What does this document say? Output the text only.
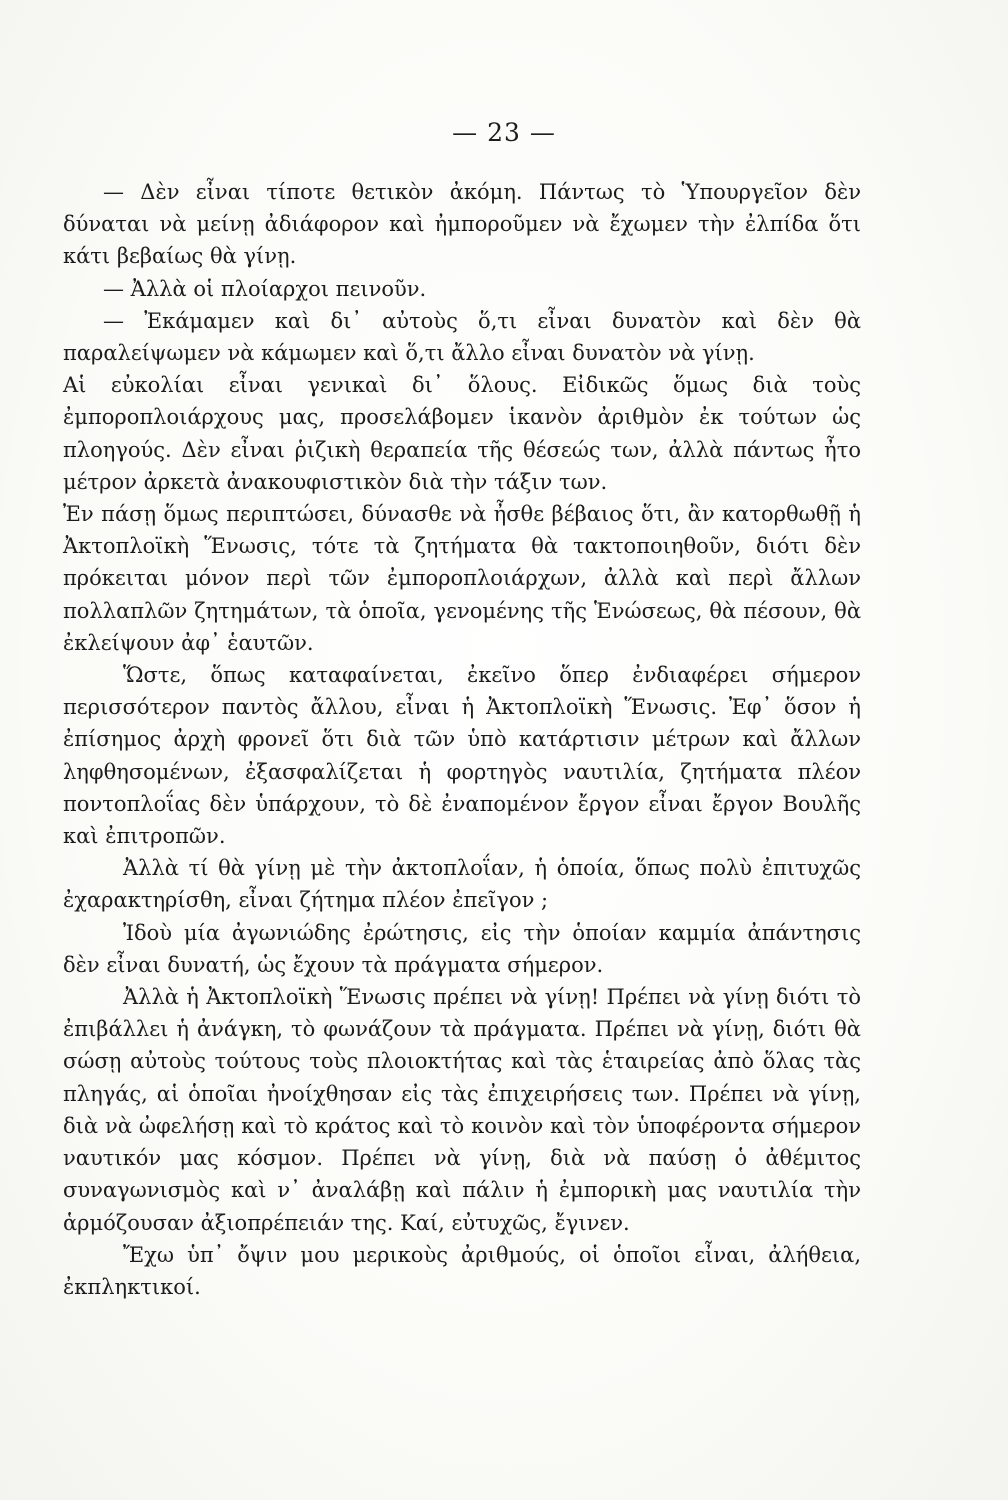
— 23 —

— Δὲν εἶναι τίποτε θετικὸν ἀκόμη. Πάντως τὸ Ὑπουργεῖον δὲν δύναται νὰ μείνῃ ἀδιάφορον καὶ ἠμποροῦμεν νὰ ἔχωμεν τὴν ἐλπίδα ὅτι κάτι βεβαίως θὰ γίνῃ.

— Ἀλλὰ οἱ πλοίαρχοι πεινοῦν.

— Ἐκάμαμεν καὶ δι᾽ αὐτοὺς ὅ,τι εἶναι δυνατὸν καὶ δὲν θὰ παραλείψωμεν νὰ κάμωμεν καὶ ὅ,τι ἄλλο εἶναι δυνατὸν νὰ γίνῃ.

Αἱ εὐκολίαι εἶναι γενικαὶ δι᾽ ὅλους. Εἰδικῶς ὅμως διὰ τοὺς ἐμποροπλοιάρχους μας, προσελάβομεν ἱκανὸν ἀριθμὸν ἐκ τούτων ὡς πλοηγούς. Δὲν εἶναι ῥιζικὴ θεραπεία τῆς θέσεώς των, ἀλλὰ πάντως ἦτο μέτρον ἀρκετὰ ἀνακουφιστικὸν διὰ τὴν τάξιν των.

Ἐν πάσῃ ὅμως περιπτώσει, δύνασθε νὰ ἦσθε βέβαιος ὅτι, ἂν κατορθωθῇ ἡ Ἀκτοπλοϊκὴ Ἕνωσις, τότε τὰ ζητήματα θὰ τακτοποιηθοῦν, διότι δὲν πρόκειται μόνον περὶ τῶν ἐμποροπλοιάρχων, ἀλλὰ καὶ περὶ ἄλλων πολλαπλῶν ζητημάτων, τὰ ὁποῖα, γενομένης τῆς Ἑνώσεως, θὰ πέσουν, θὰ ἐκλείψουν ἀφ᾽ ἑαυτῶν.

Ὥστε, ὅπως καταφαίνεται, ἐκεῖνο ὅπερ ἐνδιαφέρει σήμερον περισσότερον παντὸς ἄλλου, εἶναι ἡ Ἀκτοπλοϊκὴ Ἕνωσις. Ἐφ᾽ ὅσον ἡ ἐπίσημος ἀρχὴ φρονεῖ ὅτι διὰ τῶν ὑπὸ κατάρτισιν μέτρων καὶ ἄλλων ληφθησομένων, ἐξασφαλίζεται ἡ φορτηγὸς ναυτιλία, ζητήματα πλέον ποντοπλοΐας δὲν ὑπάρχουν, τὸ δὲ ἐναπομένον ἔργον εἶναι ἔργον Βουλῆς καὶ ἐπιτροπῶν.

Ἀλλὰ τί θὰ γίνῃ μὲ τὴν ἀκτοπλοΐαν, ἡ ὁποία, ὅπως πολὺ ἐπιτυχῶς ἐχαρακτηρίσθη, εἶναι ζήτημα πλέον ἐπεῖγον ;

Ἰδοὺ μία ἀγωνιώδης ἐρώτησις, εἰς τὴν ὁποίαν καμμία ἀπάντησις δὲν εἶναι δυνατή, ὡς ἔχουν τὰ πράγματα σήμερον.

Ἀλλὰ ἡ Ἀκτοπλοϊκὴ Ἕνωσις πρέπει νὰ γίνῃ! Πρέπει νὰ γίνῃ διότι τὸ ἐπιβάλλει ἡ ἀνάγκη, τὸ φωνάζουν τὰ πράγματα. Πρέπει νὰ γίνῃ, διότι θὰ σώσῃ αὐτοὺς τούτους τοὺς πλοιοκτήτας καὶ τὰς ἑταιρείας ἀπὸ ὅλας τὰς πληγάς, αἱ ὁποῖαι ἠνοίχθησαν εἰς τὰς ἐπιχειρήσεις των. Πρέπει νὰ γίνῃ, διὰ νὰ ὠφελήσῃ καὶ τὸ κράτος καὶ τὸ κοινὸν καὶ τὸν ὑποφέροντα σήμερον ναυτικόν μας κόσμον. Πρέπει νὰ γίνῃ, διὰ νὰ παύσῃ ὁ ἀθέμιτος συναγωνισμὸς καὶ ν᾽ ἀναλάβῃ καὶ πάλιν ἡ ἐμπορικὴ μας ναυτιλία τὴν ἁρμόζουσαν ἀξιοπρέπειάν της. Καί, εὐτυχῶς, ἔγινεν.

Ἔχω ὑπ᾽ ὄψιν μου μερικοὺς ἀριθμούς, οἱ ὁποῖοι εἶναι, ἀλήθεια, ἐκπληκτικοί.
